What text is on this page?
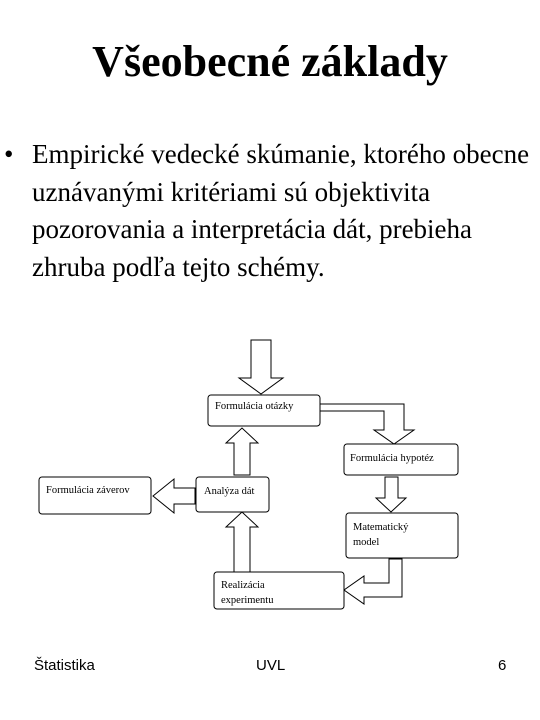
Všeobecné základy
• Empirické vedecké skúmanie, ktorého obecne uznávanými kritériami sú objektivita pozorovania a interpretácia dát, prebieha zhruba podľa tejto schémy.
Formulácia otázky
Formulácia hypotéz
Formulácia záverov	Analýza dát
Matematický
model
Realizácia
experimentu
Štatistika	UVL	6
